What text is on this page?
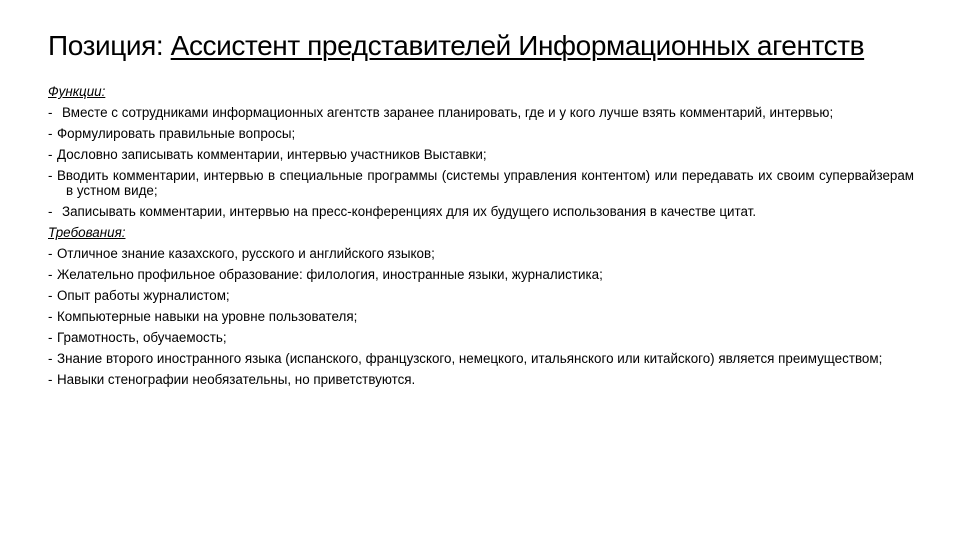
Позиция: Ассистент представителей Информационных агентств
Функции:
- Вместе с сотрудниками информационных агентств заранее планировать, где и у кого лучше взять комментарий, интервью;
- Формулировать правильные вопросы;
- Дословно записывать комментарии, интервью участников Выставки;
- Вводить комментарии, интервью в специальные программы (системы управления контентом) или передавать их своим супервайзерам в устном виде;
- Записывать комментарии, интервью на пресс-конференциях для их будущего использования в качестве цитат.
Требования:
- Отличное знание казахского, русского и английского языков;
- Желательно профильное образование: филология, иностранные языки, журналистика;
- Опыт работы журналистом;
- Компьютерные навыки на уровне пользователя;
- Грамотность, обучаемость;
- Знание второго иностранного языка (испанского, французского, немецкого, итальянского или китайского) является преимуществом;
- Навыки стенографии необязательны, но приветствуются.
